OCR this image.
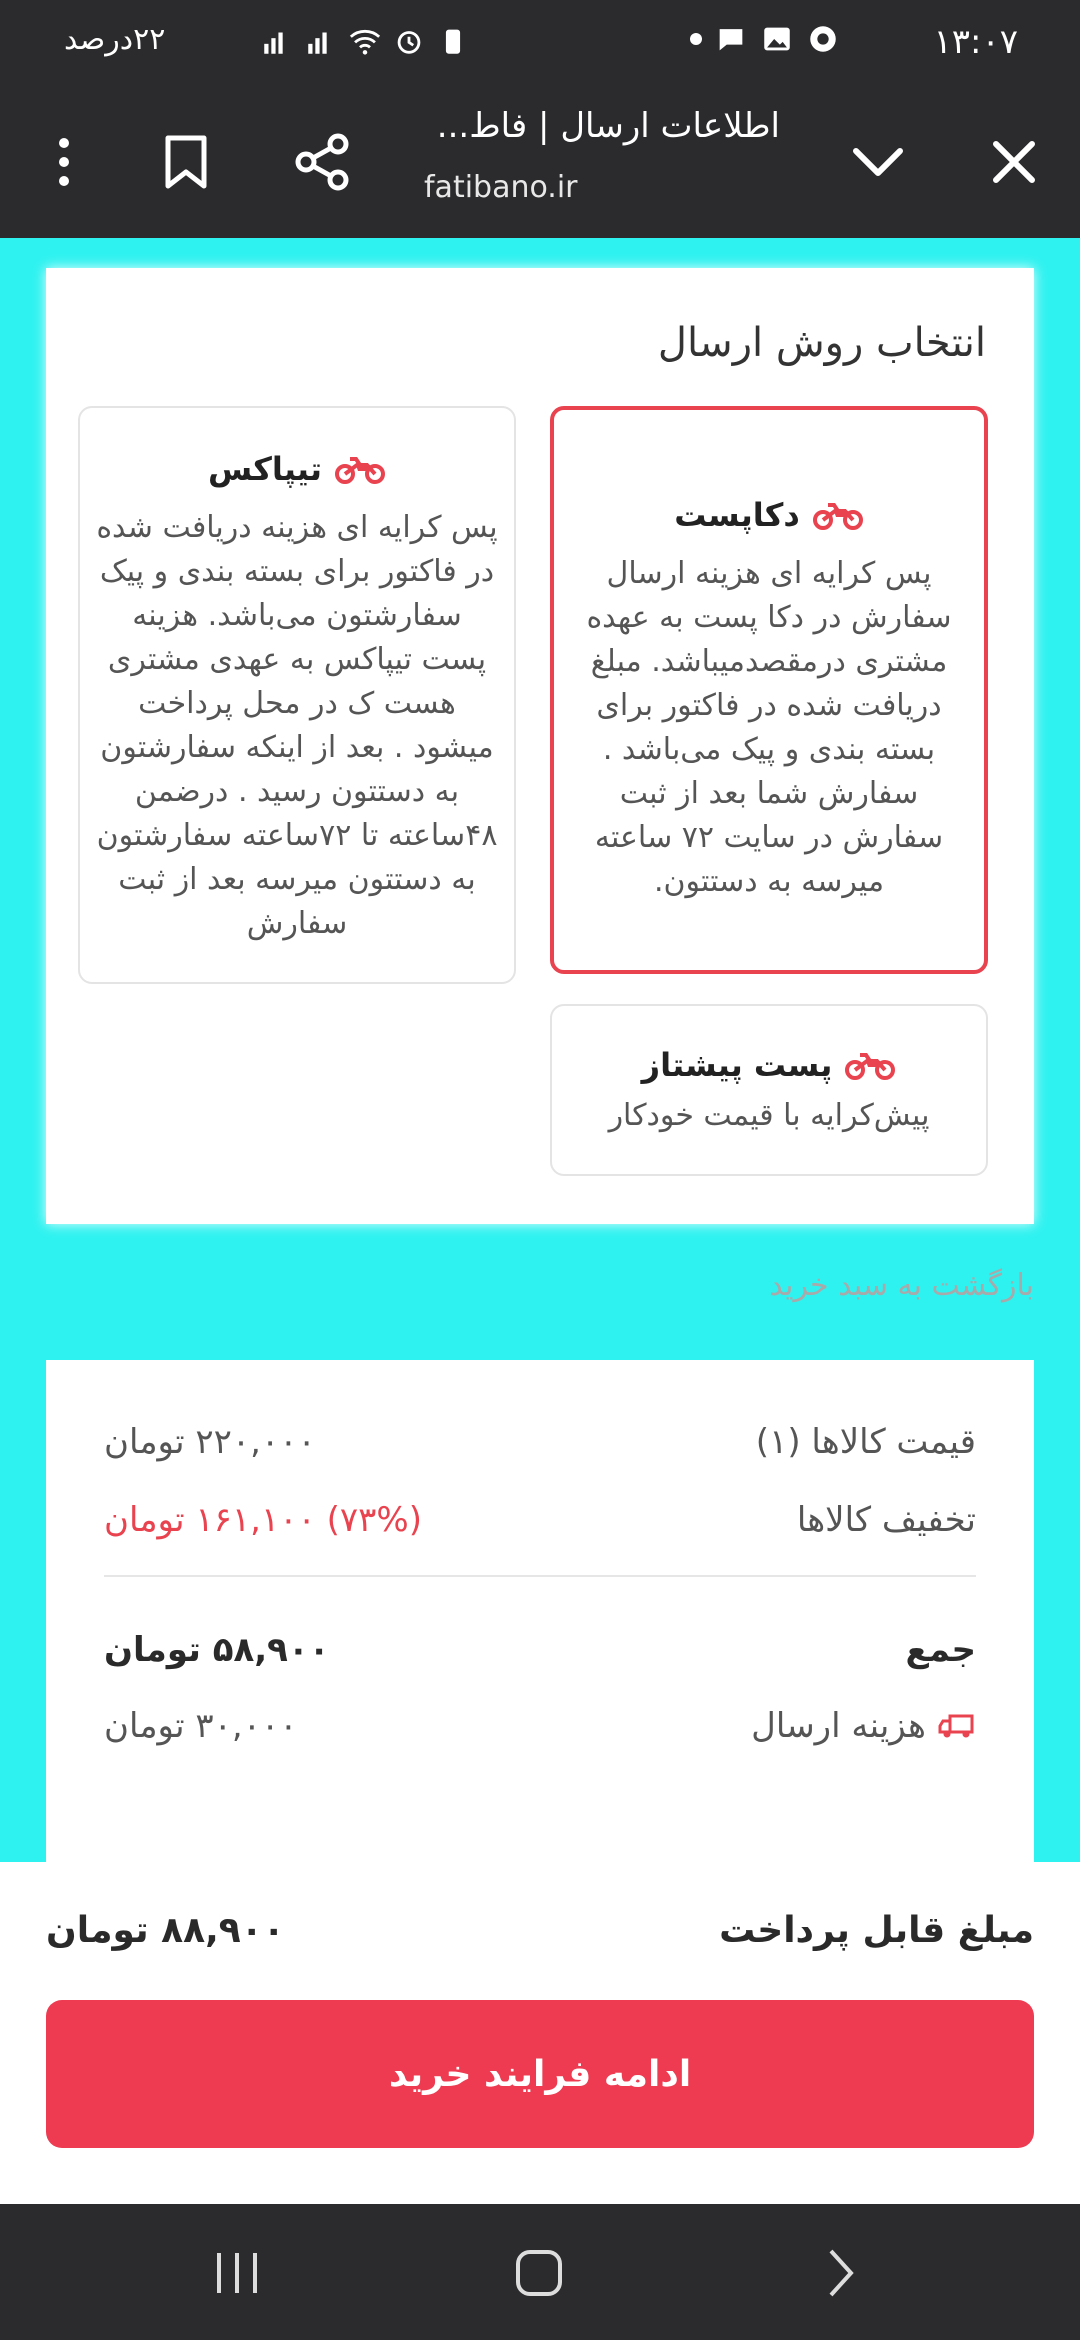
۲۲درصد	۱۳:۰۷
اطلاعات ارسال | فاط...
fatibano.ir
انتخاب روش ارسال
دکاپست
پس کرایه ای هزینه ارسال سفارش در دکا پست به عهده مشتری درمقصدمیباشد. مبلغ دریافت شده در فاکتور برای بسته بندی و پیک می‌باشد . سفارش شما بعد از ثبت سفارش در سایت ۷۲ ساعته میرسه به دستتون.
تیپاکس
پس کرایه ای هزینه دریافت شده در فاکتور برای بسته بندی و پیک سفارشتون می‌باشد. هزینه پست تیپاکس به عهدی مشتری هست ک در محل پرداخت میشود . بعد از اینکه سفارشتون به دستتون رسید . درضمن ۴۸ساعته تا ۷۲ساعته سفارشتون به دستتون میرسه بعد از ثبت سفارش
پست پیشتاز
پیش‌کرایه با قیمت خودکار
بازگشت به سبد خرید
قیمت کالاها (۱)
۲۲۰,۰۰۰ تومان
تخفیف کالاها
(۷۳%) ۱۶۱,۱۰۰ تومان
جمع
۵۸,۹۰۰ تومان
هزینه ارسال
۳۰,۰۰۰ تومان
مبلغ قابل پرداخت
۸۸,۹۰۰ تومان
ادامه فرایند خرید
